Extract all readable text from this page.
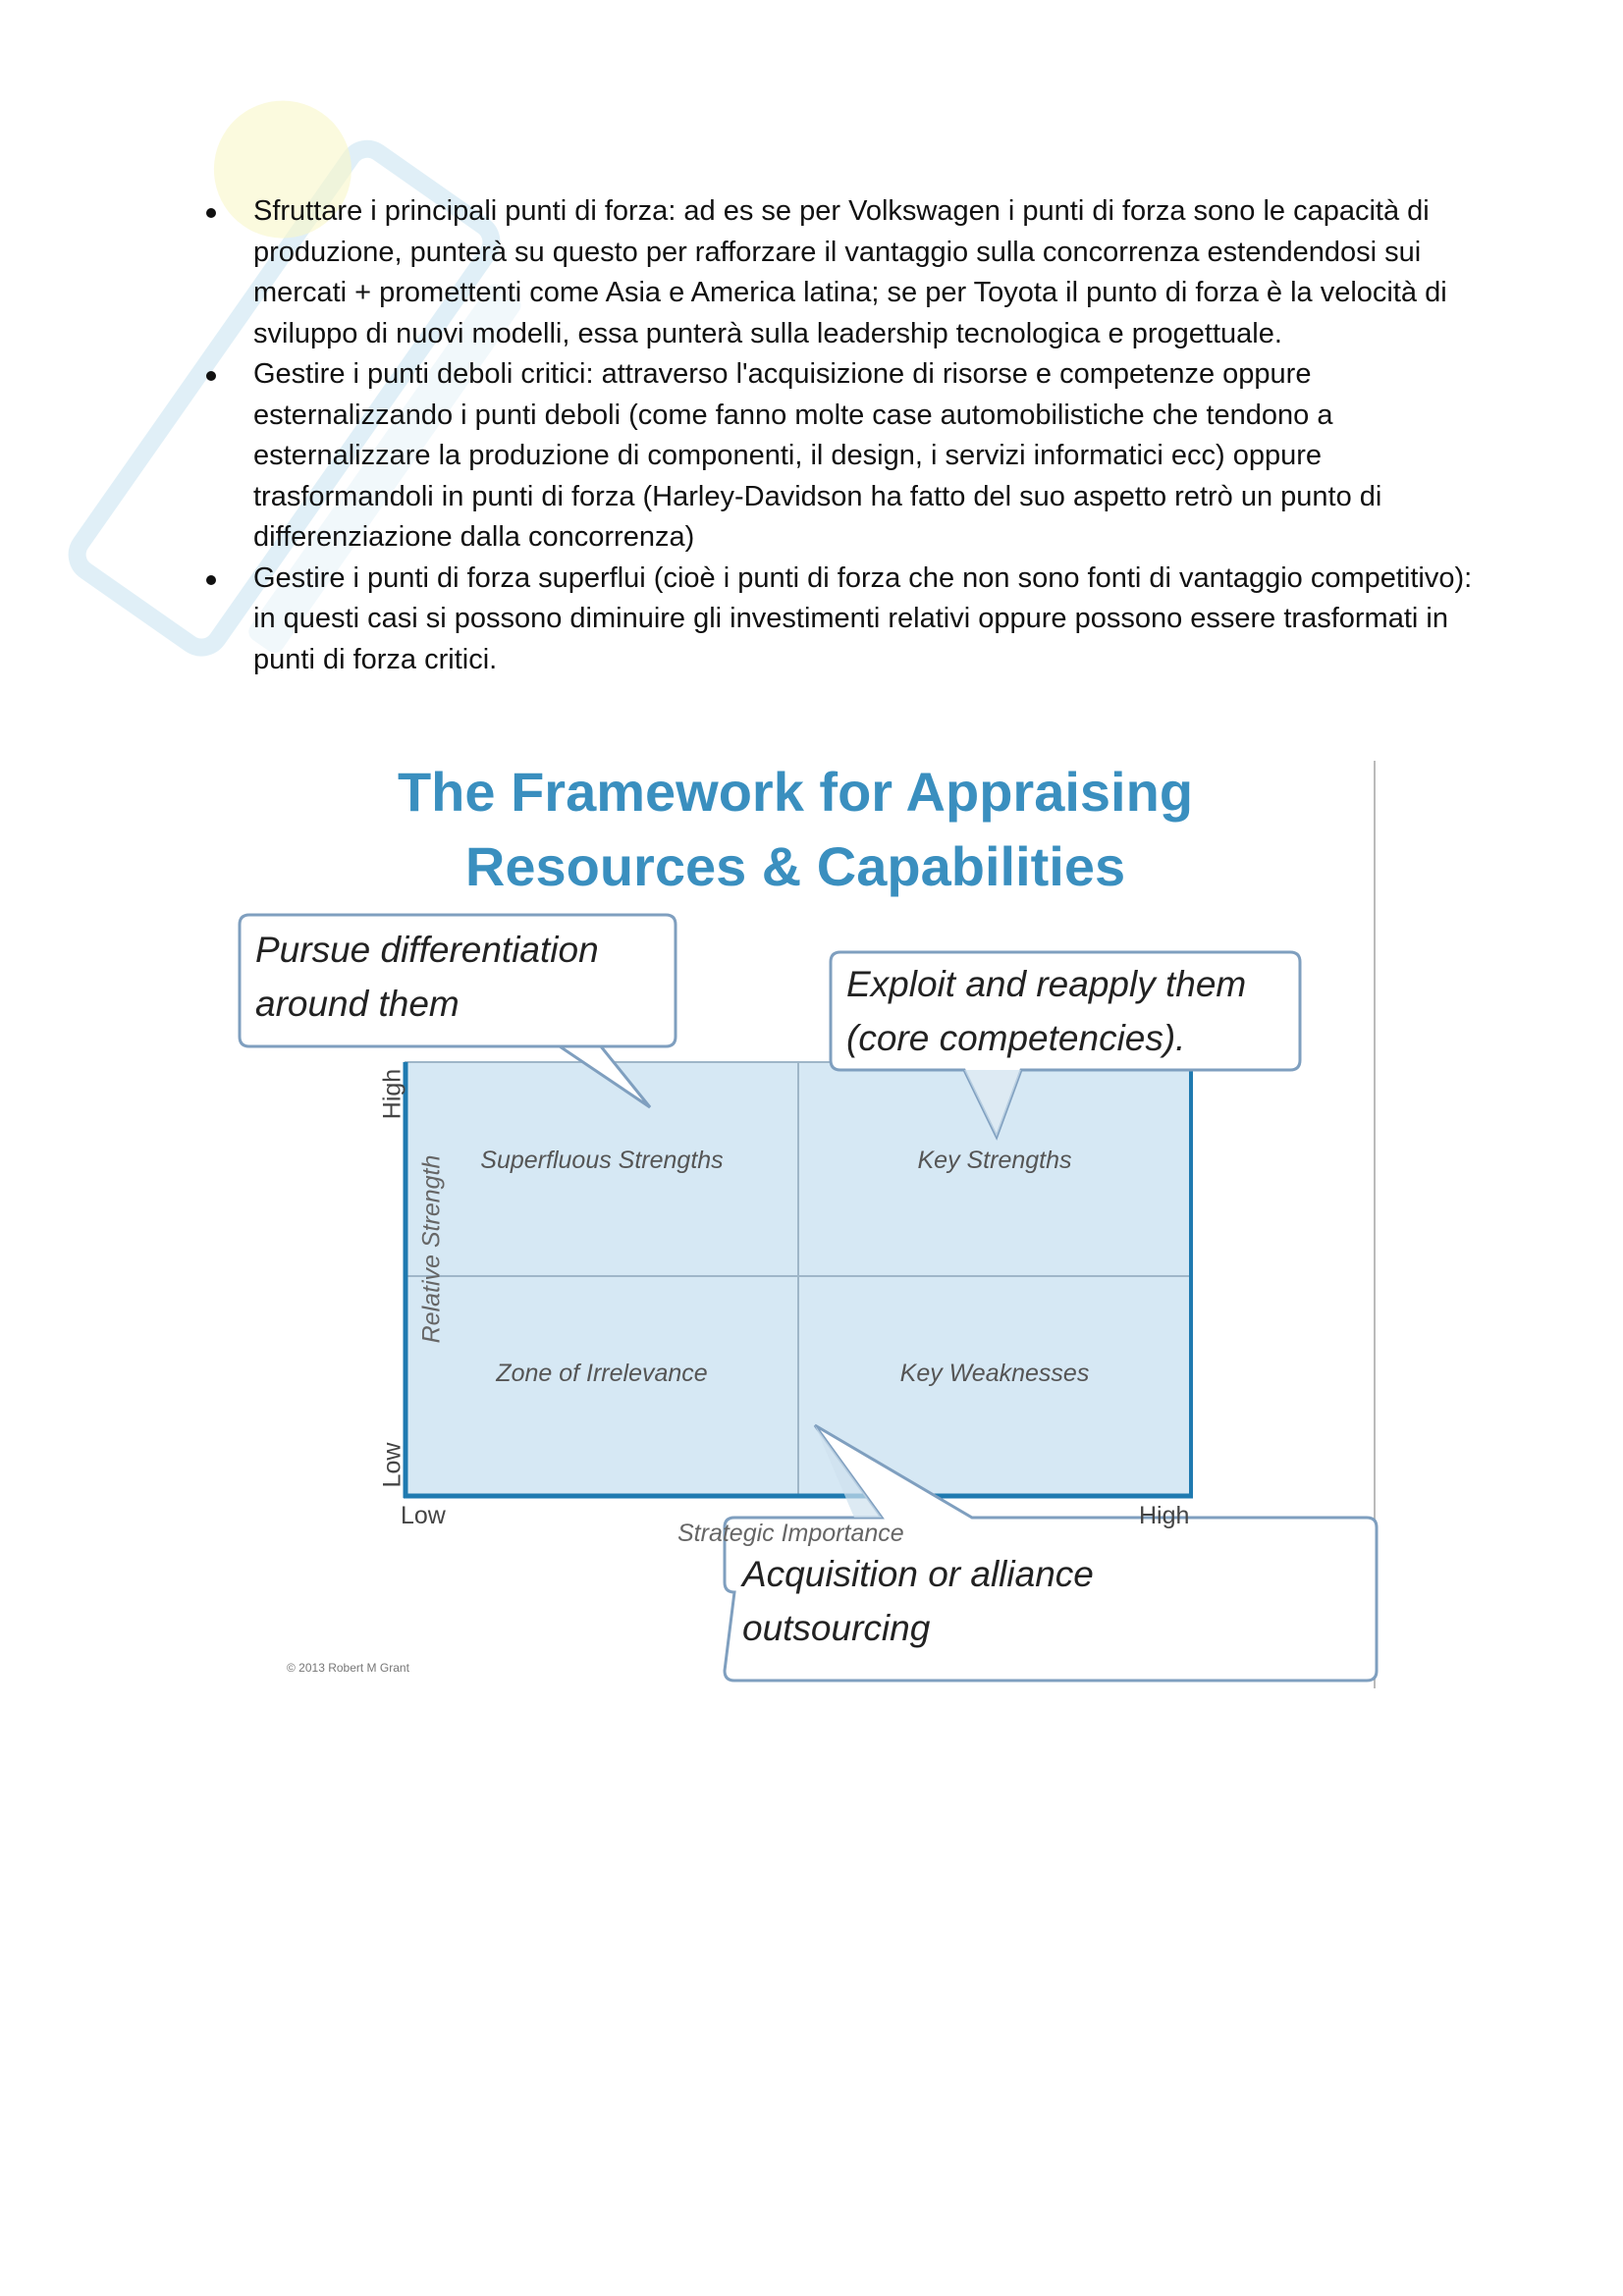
Sfruttare i principali punti di forza: ad es se per Volkswagen i punti di forza sono le capacità di produzione, punterà su questo per rafforzare il vantaggio sulla concorrenza estendendosi sui mercati + promettenti come Asia e America latina; se per Toyota il punto di forza è la velocità di sviluppo di nuovi modelli, essa punterà sulla leadership tecnologica e progettuale.
Gestire i punti deboli critici: attraverso l'acquisizione di risorse e competenze oppure esternalizzando i punti deboli (come fanno molte case automobilistiche che tendono a esternalizzare la produzione di componenti, il design, i servizi informatici ecc) oppure trasformandoli in punti di forza (Harley-Davidson ha fatto del suo aspetto retrò un punto di differenziazione dalla concorrenza)
Gestire i punti di forza superflui (cioè i punti di forza che non sono fonti di vantaggio competitivo): in questi casi si possono diminuire gli investimenti relativi oppure possono essere trasformati in punti di forza critici.
The Framework for Appraising
Resources & Capabilities
Superfluous Strengths	Key Strengths
Zone of Irrelevance	Key Weaknesses
Relative Strength
High
Low
Low	High
Strategic Importance
Pursue differentiation
around them	Exploit and reapply them
(core competencies).
Acquisition or alliance
outsourcing
© 2013 Robert M Grant
